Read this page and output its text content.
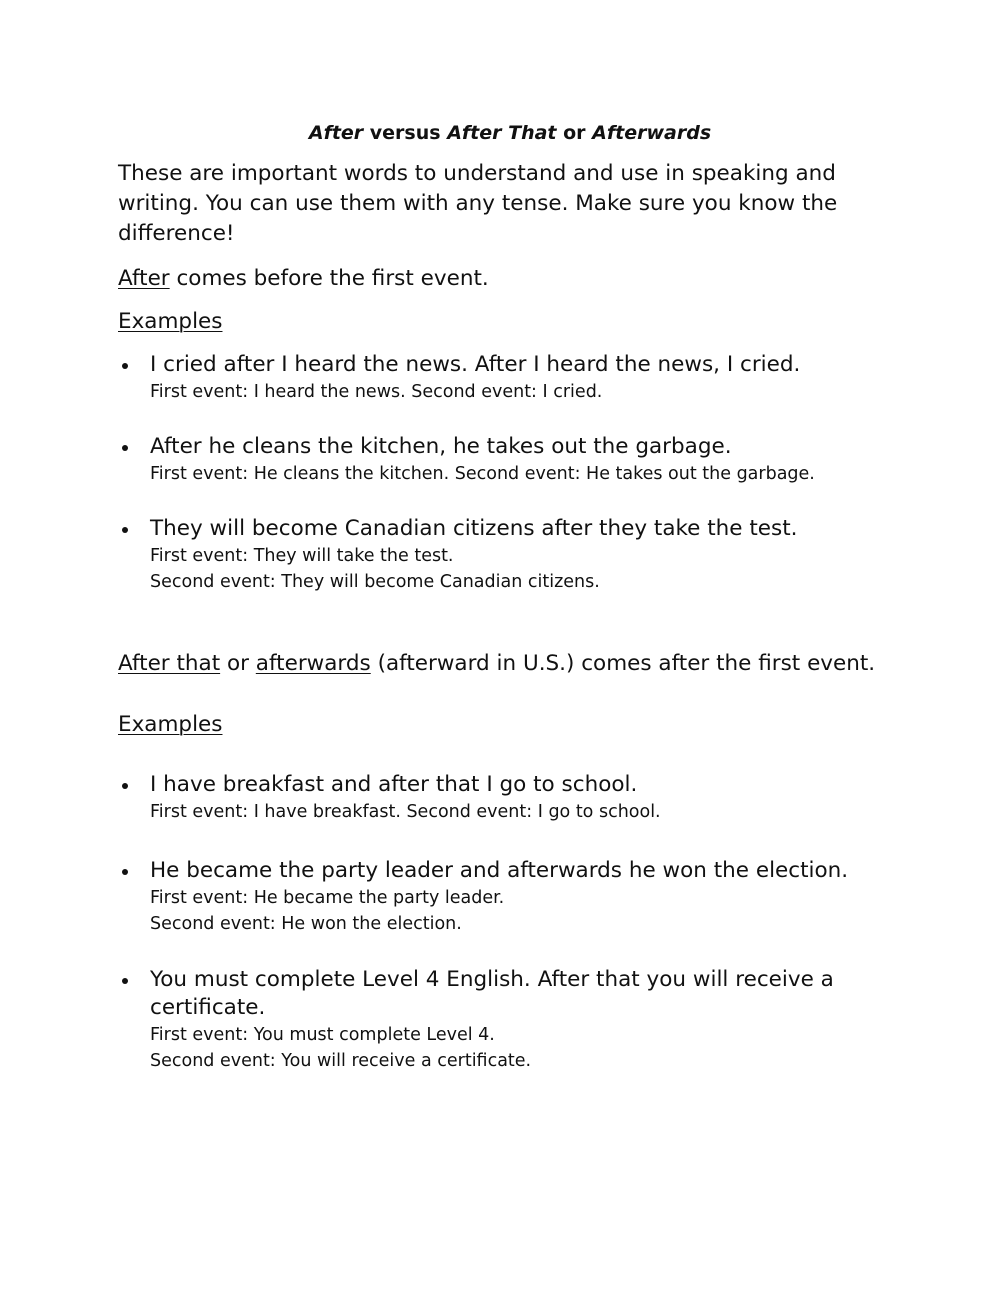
After versus After That or Afterwards

These are important words to understand and use in speaking and writing. You can use them with any tense. Make sure you know the difference!

After comes before the first event.
Examples
I cried after I heard the news. After I heard the news, I cried.
First event: I heard the news. Second event: I cried.
After he cleans the kitchen, he takes out the garbage.
First event: He cleans the kitchen. Second event: He takes out the garbage.
They will become Canadian citizens after they take the test.
First event: They will take the test.
Second event: They will become Canadian citizens.
After that or afterwards (afterward in U.S.) comes after the first event.
Examples
I have breakfast and after that I go to school.
First event: I have breakfast. Second event: I go to school.
He became the party leader and afterwards he won the election.
First event: He became the party leader.
Second event: He won the election.
You must complete Level 4 English. After that you will receive a certificate.
First event: You must complete Level 4.
Second event: You will receive a certificate.
